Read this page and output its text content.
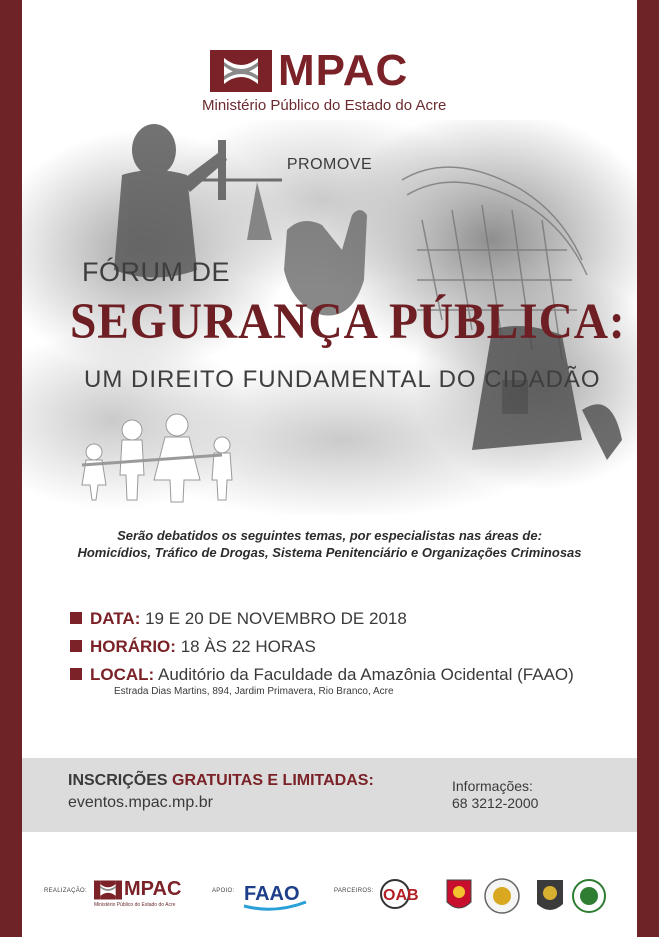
MPAC
Ministério Público do Estado do Acre
PROMOVE
FÓRUM DE
SEGURANÇA PÚBLICA:
UM DIREITO FUNDAMENTAL DO CIDADÃO
Serão debatidos os seguintes temas, por especialistas nas áreas de:
Homicídios, Tráfico de Drogas, Sistema Penitenciário e Organizações Criminosas
DATA: 19 E 20 DE NOVEMBRO DE 2018
HORÁRIO: 18 ÀS 22 HORAS
LOCAL: Auditório da Faculdade da Amazônia Ocidental (FAAO)
Estrada Dias Martins, 894, Jardim Primavera, Rio Branco, Acre
INSCRIÇÕES GRATUITAS E LIMITADAS:
eventos.mpac.mp.br
Informações:
68 3212-2000
REALIZAÇÃO: MPAC
Ministério Público do Estado do Acre
APOIO: FAAO	PARCEIROS: OAB
